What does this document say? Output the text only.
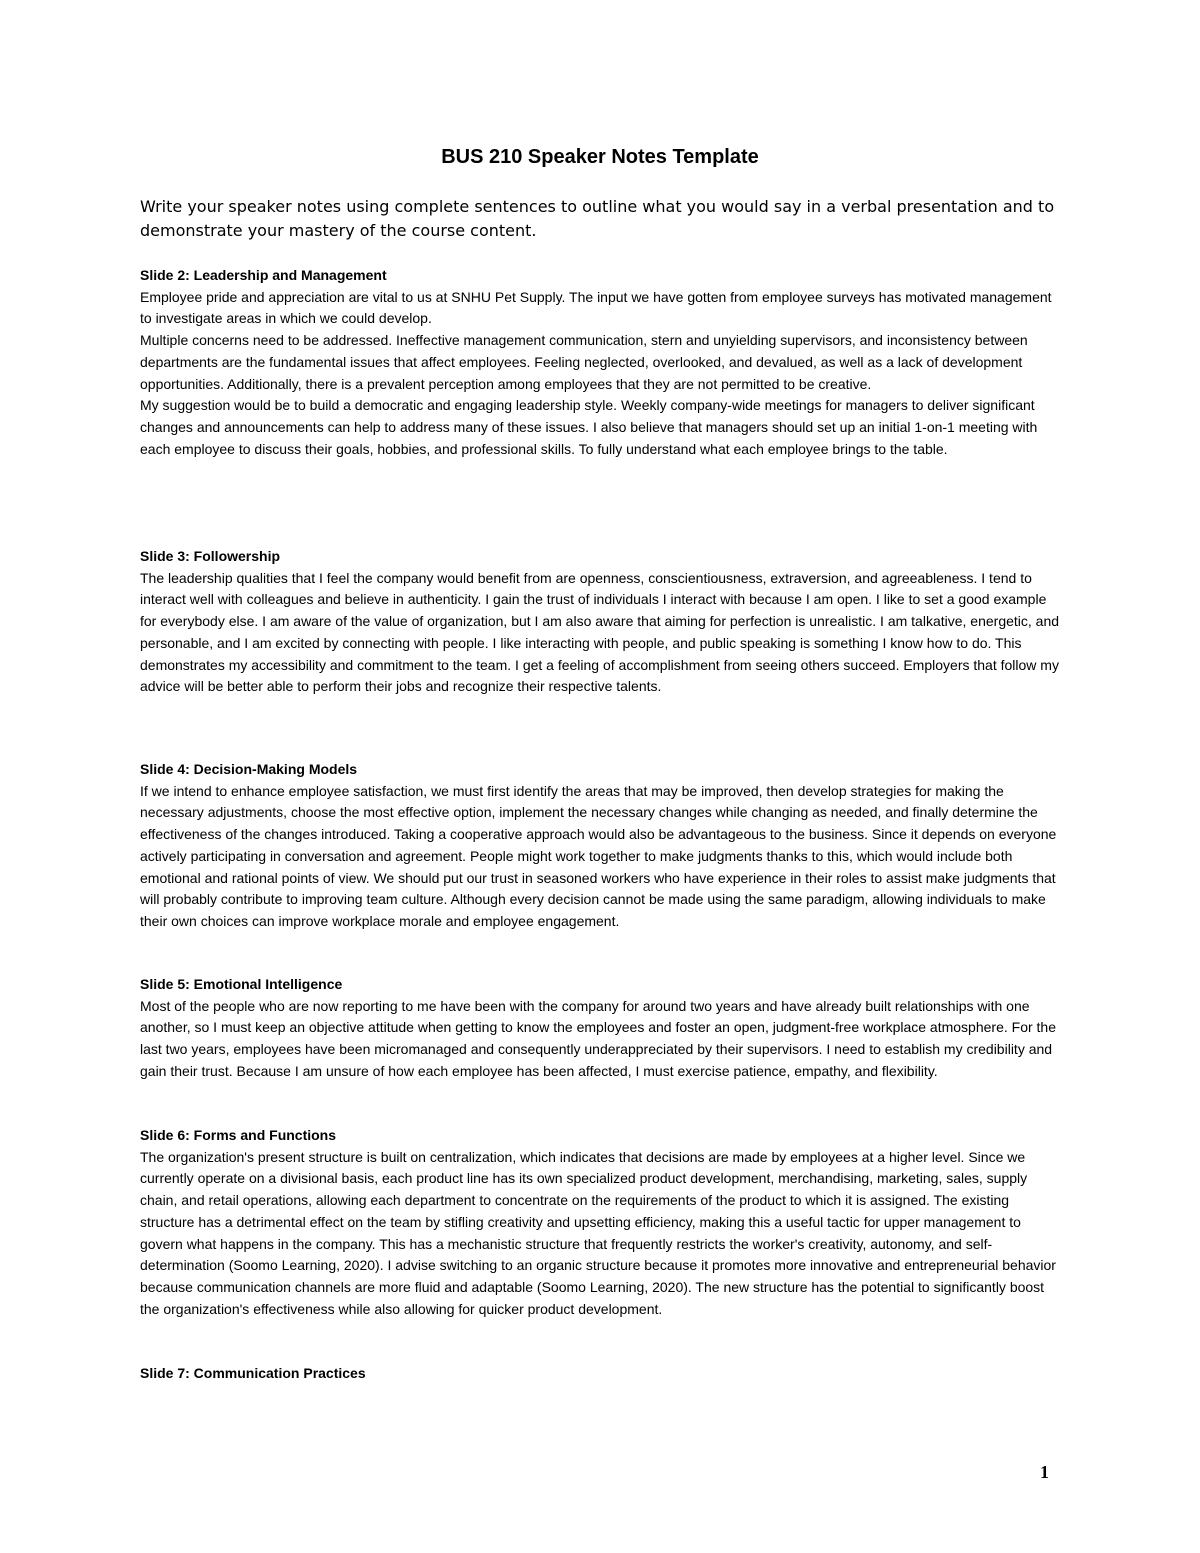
BUS 210 Speaker Notes Template

Write your speaker notes using complete sentences to outline what you would say in a verbal presentation and to demonstrate your mastery of the course content.

Slide 2: Leadership and Management

Employee pride and appreciation are vital to us at SNHU Pet Supply. The input we have gotten from employee surveys has motivated management to investigate areas in which we could develop.
Multiple concerns need to be addressed. Ineffective management communication, stern and unyielding supervisors, and inconsistency between departments are the fundamental issues that affect employees. Feeling neglected, overlooked, and devalued, as well as a lack of development opportunities. Additionally, there is a prevalent perception among employees that they are not permitted to be creative.
My suggestion would be to build a democratic and engaging leadership style. Weekly company-wide meetings for managers to deliver significant changes and announcements can help to address many of these issues. I also believe that managers should set up an initial 1-on-1 meeting with each employee to discuss their goals, hobbies, and professional skills. To fully understand what each employee brings to the table.

Slide 3: Followership

The leadership qualities that I feel the company would benefit from are openness, conscientiousness, extraversion, and agreeableness. I tend to interact well with colleagues and believe in authenticity. I gain the trust of individuals I interact with because I am open. I like to set a good example for everybody else. I am aware of the value of organization, but I am also aware that aiming for perfection is unrealistic. I am talkative, energetic, and personable, and I am excited by connecting with people. I like interacting with people, and public speaking is something I know how to do. This demonstrates my accessibility and commitment to the team. I get a feeling of accomplishment from seeing others succeed. Employers that follow my advice will be better able to perform their jobs and recognize their respective talents.

Slide 4: Decision-Making Models

If we intend to enhance employee satisfaction, we must first identify the areas that may be improved, then develop strategies for making the necessary adjustments, choose the most effective option, implement the necessary changes while changing as needed, and finally determine the effectiveness of the changes introduced. Taking a cooperative approach would also be advantageous to the business. Since it depends on everyone actively participating in conversation and agreement. People might work together to make judgments thanks to this, which would include both emotional and rational points of view. We should put our trust in seasoned workers who have experience in their roles to assist make judgments that will probably contribute to improving team culture. Although every decision cannot be made using the same paradigm, allowing individuals to make their own choices can improve workplace morale and employee engagement.

Slide 5: Emotional Intelligence

Most of the people who are now reporting to me have been with the company for around two years and have already built relationships with one another, so I must keep an objective attitude when getting to know the employees and foster an open, judgment-free workplace atmosphere. For the last two years, employees have been micromanaged and consequently underappreciated by their supervisors. I need to establish my credibility and gain their trust. Because I am unsure of how each employee has been affected, I must exercise patience, empathy, and flexibility.

Slide 6: Forms and Functions

The organization's present structure is built on centralization, which indicates that decisions are made by employees at a higher level. Since we currently operate on a divisional basis, each product line has its own specialized product development, merchandising, marketing, sales, supply chain, and retail operations, allowing each department to concentrate on the requirements of the product to which it is assigned. The existing structure has a detrimental effect on the team by stifling creativity and upsetting efficiency, making this a useful tactic for upper management to govern what happens in the company. This has a mechanistic structure that frequently restricts the worker's creativity, autonomy, and self-determination (Soomo Learning, 2020). I advise switching to an organic structure because it promotes more innovative and entrepreneurial behavior because communication channels are more fluid and adaptable (Soomo Learning, 2020). The new structure has the potential to significantly boost the organization's effectiveness while also allowing for quicker product development.

Slide 7: Communication Practices

1
